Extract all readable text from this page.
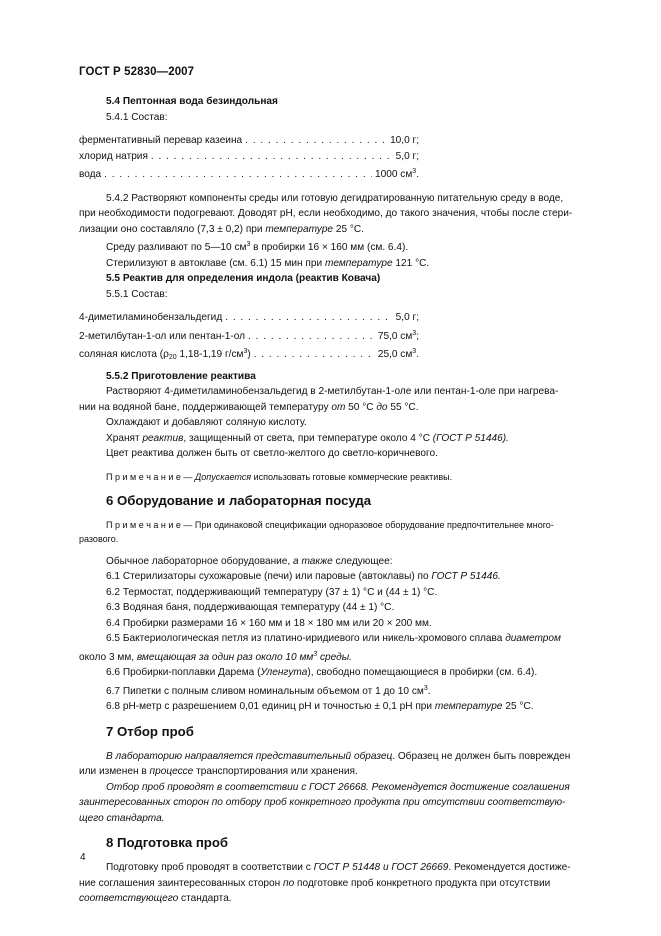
ГОСТ Р 52830—2007

5.4 Пептонная вода безиндольная

5.4.1 Состав:

ферментативный перевар казеина . . .	10,0 г;
хлорид натрия . . .	5,0 г;
вода . . .	1000 $см^3$.

5.4.2 Растворяют компоненты среды или готовую дегидратированную питательную среду в воде,

при необходимости подогревают. Доводят pH, если необходимо, до такого значения, чтобы после стери-

лизации оно составляло (7,3 ± 0,2) при температуре 25 °С.

Среду разливают по 5—10 $см^3$ в пробирки 16 × 160 мм (см. 6.4).

Стерилизуют в автоклаве (см. 6.1) 15 мин при температуре 121 °С.

5.5 Реактив для определения индола (реактив Ковача)

5.5.1 Состав:

4-диметиламинобензальдегид . . .	5,0 г;
2-метилбутан-1-ол или пентан-1-ол . . .	75,0 $см^3$;
соляная кислота ($\rho_{20}$ 1,18-1,19 $г/см^3$) . . .	25,0 $см^3$.

5.5.2 Приготовление реактива

Растворяют 4-диметиламинобензальдегид в 2-метилбутан-1-оле или пентан-1-оле при нагрева-

нии на водяной бане, поддерживающей температуру от 50 °С до 55 °С.

Охлаждают и добавляют соляную кислоту.

Хранят реактив, защищенный от света, при температуре около 4 °С (ГОСТ Р 51446).

Цвет реактива должен быть от светло-желтого до светло-коричневого.

П р и м е ч а н и е — Допускается использовать готовые коммерческие реактивы.

6 Оборудование и лабораторная посуда

П р и м е ч а н и е — При одинаковой спецификации одноразовое оборудование предпочтительнее много-

разового.

Обычное лабораторное оборудование, а также следующее:

6.1 Стерилизаторы сухожаровые (печи) или паровые (автоклавы) по ГОСТ Р 51446.

6.2 Термостат, поддерживающий температуру (37 ± 1) °С и (44 ± 1) °С.

6.3 Водяная баня, поддерживающая температуру (44 ± 1) °С.

6.4 Пробирки размерами 16 × 160 мм и 18 × 180 мм или 20 × 200 мм.

6.5 Бактериологическая петля из платино-иридиевого или никель-хромового сплава диаметром

около 3 мм, вмещающая за один раз около 10 $мм^3$ среды.

6.6 Пробирки-поплавки Дарема (Уленгута), свободно помещающиеся в пробирки (см. 6.4).

6.7 Пипетки с полным сливом номинальным объемом от 1 до 10 $см^3$.

6.8 pH-метр с разрешением 0,01 единиц pH и точностью ± 0,1 pH при температуре 25 °С.

7 Отбор проб

В лабораторию направляется представительный образец. Образец не должен быть поврежден

или изменен в процессе транспортирования или хранения.

Отбор проб проводят в соответствии с ГОСТ 26668. Рекомендуется достижение соглашения

заинтересованных сторон по отбору проб конкретного продукта при отсутствии соответствую-

щего стандарта.

8 Подготовка проб

Подготовку проб проводят в соответствии с ГОСТ Р 51448 и ГОСТ 26669. Рекомендуется достиже-

ние соглашения заинтересованных сторон по подготовке проб конкретного продукта при отсутствии

соответствующего стандарта.

4
